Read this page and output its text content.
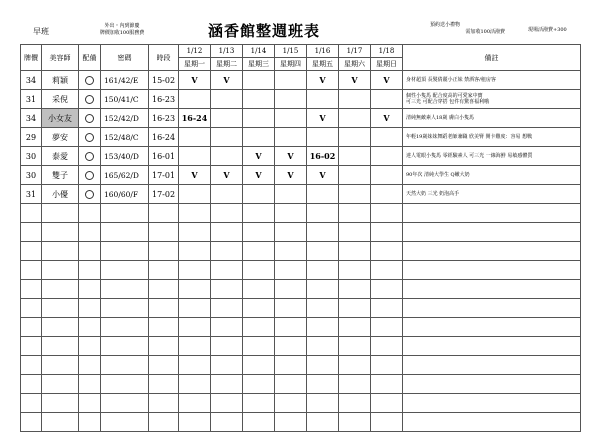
早班
外出・內到節慶
牌價加收100服務費	涵香館整週班表	預約送小禮物
需加收100活潑費	現場活潑費+300
牌價	美容師	配備	密碼	時段	1/12	1/13	1/14	1/15	1/16	1/17	1/18	備註
					星期一	星期二	星期三	星期四	星期五	星期六	星期日	
34	莉穎		161/42/E	15-02	V	V			V	V	V	身材超頂 長髮倩麗小正妹 禁酒客/租房客

31	采倪		150/41/C	16-23								個性小隻馬 配合度高的可愛家中寶
可三光 可配合穿搭 包件有驚喜福利哦

34	小女友		152/42/D	16-23	16-24				V		V	清純無敵素人18歲 膚白小隻馬

29	夢安		152/48/C	16-24								年輕19歲妹妹舞蹈老師兼職 欣美腎 開卡難度：容易 想戰

30	泰愛		153/40/D	16-01			V	V	16-02			達人電眼小隻馬 零經驗素人 可三光 一線海鮮 易敏感體質

30	雙子		165/62/D	17-01	V	V	V	V	V			90年次 清純大學生 Q嫩大奶

31	小優		160/60/F	17-02								天然大奶 三光 奶泡高手
